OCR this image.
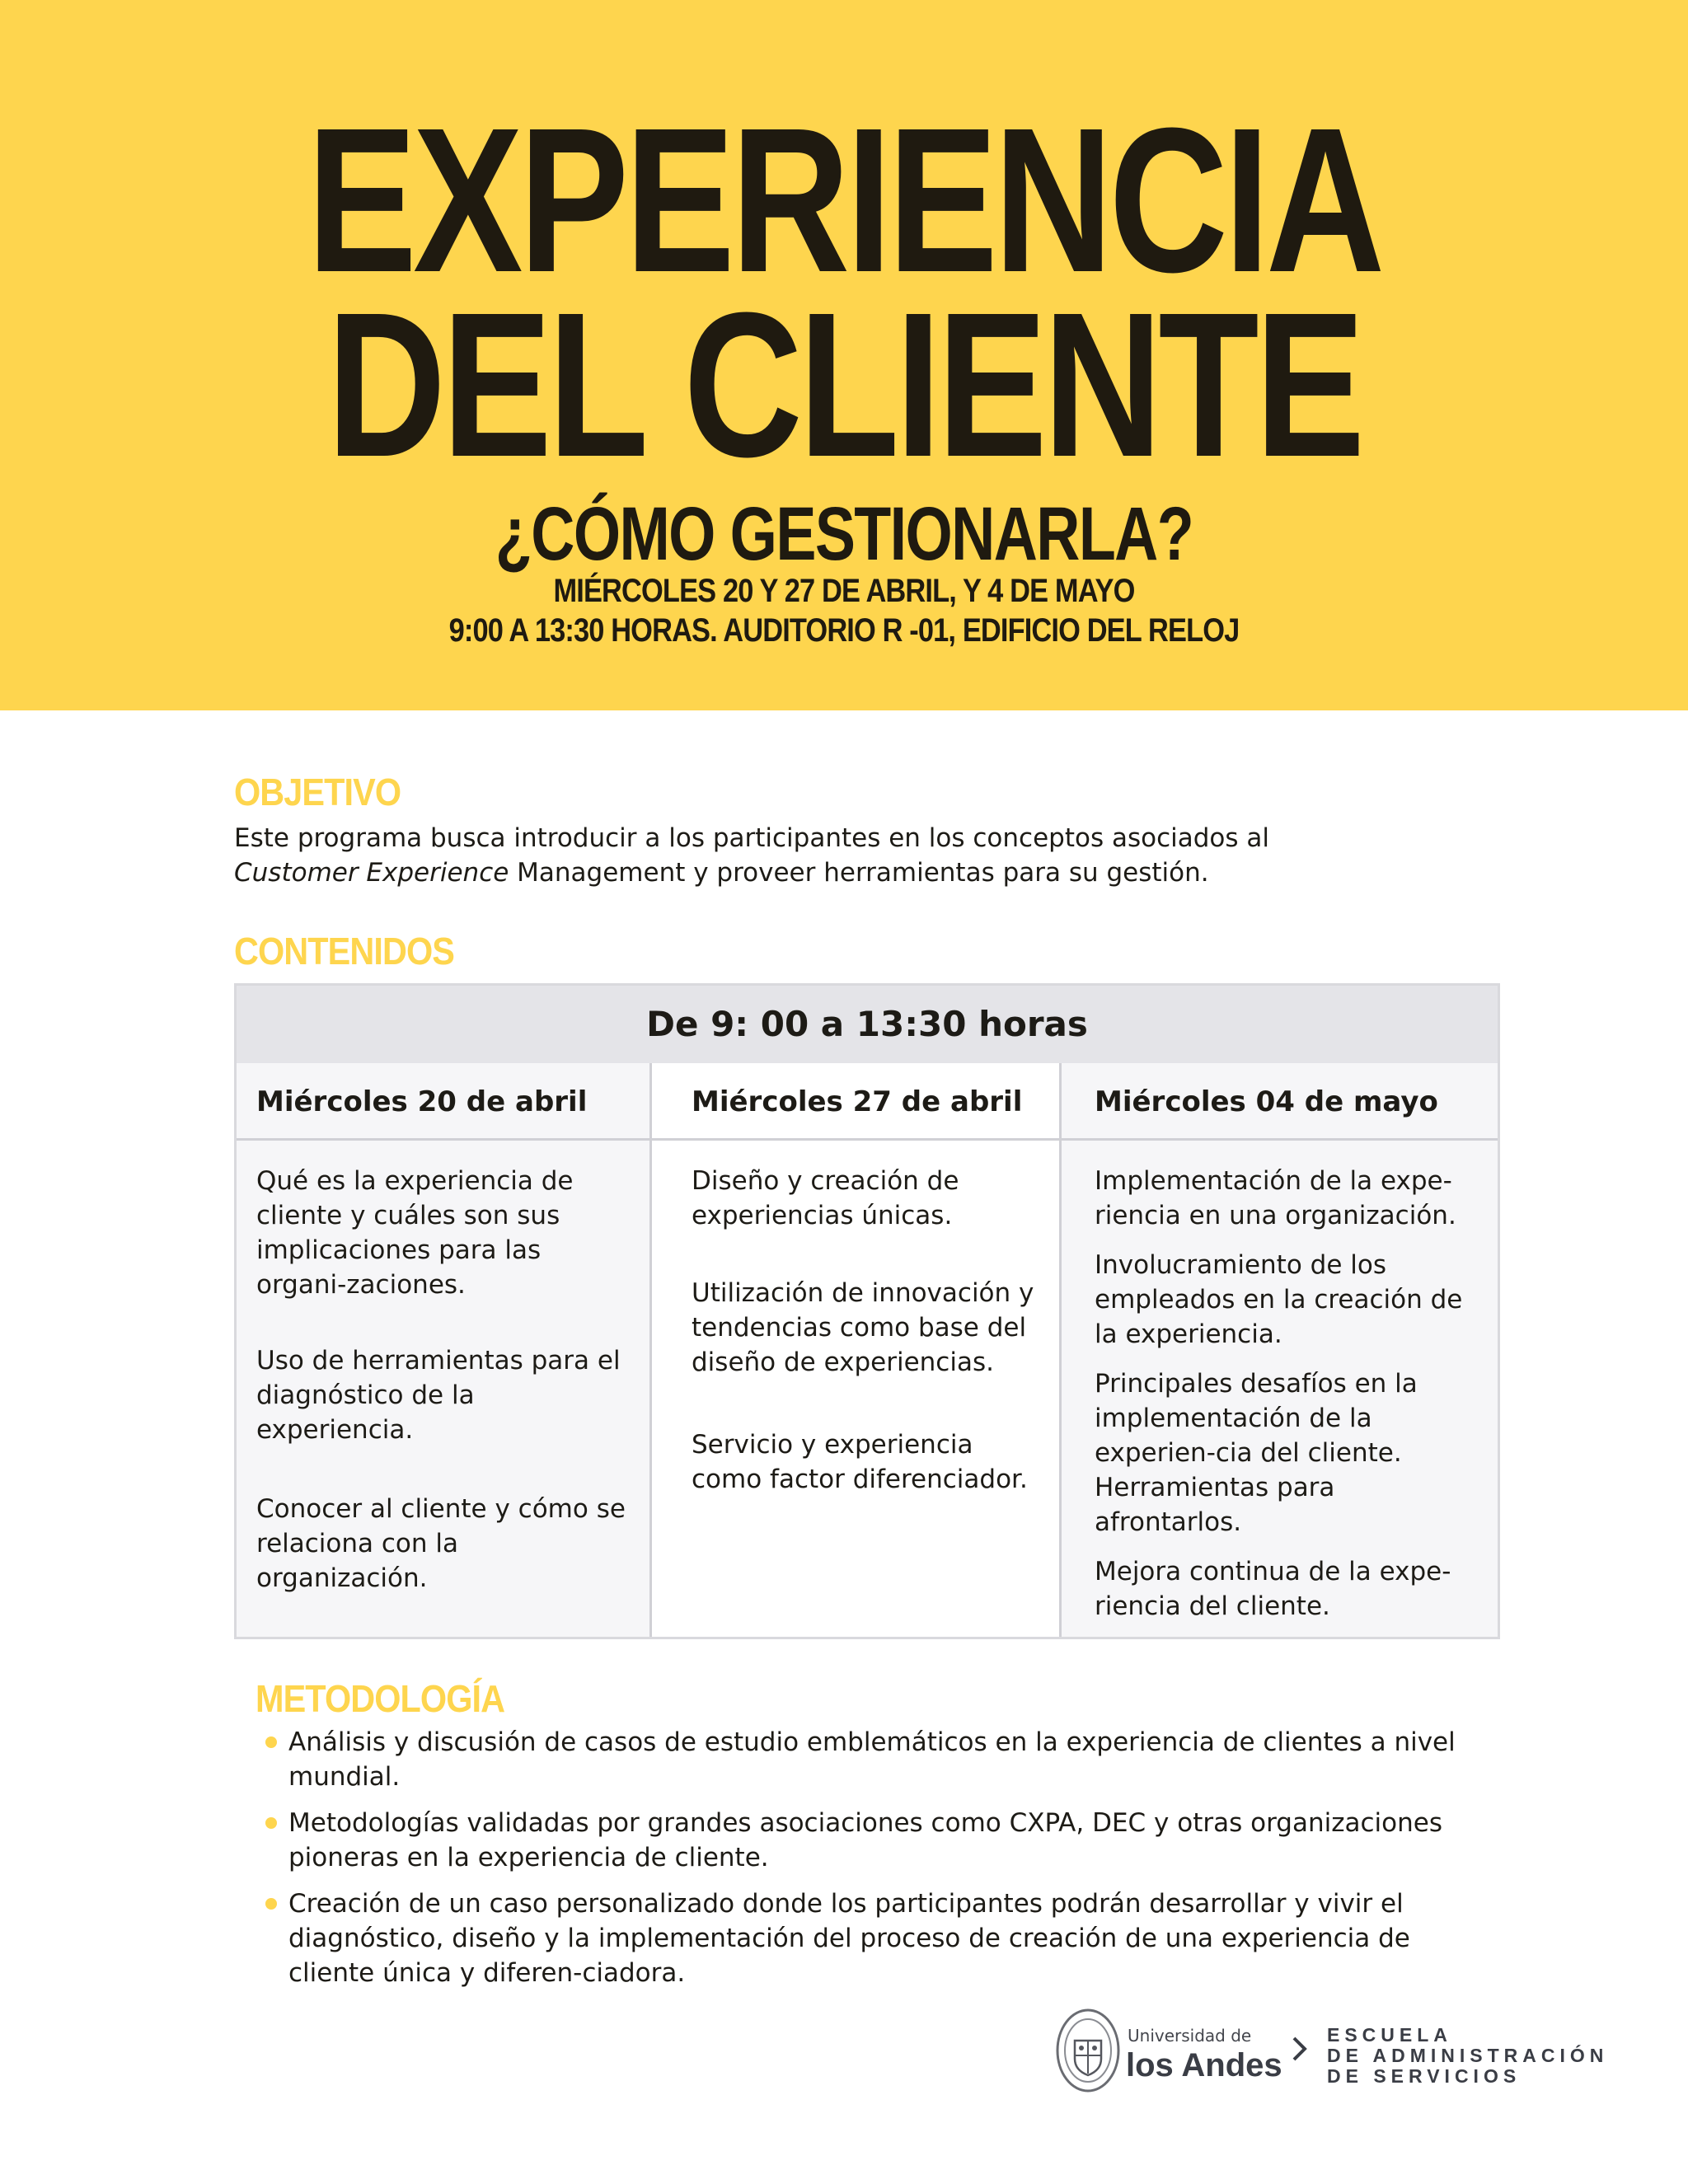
EXPERIENCIA
DEL CLIENTE
¿CÓMO GESTIONARLA?
MIÉRCOLES 20 Y 27 DE ABRIL, Y 4 DE MAYO
9:00 A 13:30 HORAS. AUDITORIO R -01, EDIFICIO DEL RELOJ
OBJETIVO

Este programa busca introducir a los participantes en los conceptos asociados al Customer Experience Management y proveer herramientas para su gestión.

CONTENIDOS
De 9: 00 a 13:30 horas
Miércoles 20 de abril

Qué es la experiencia de cliente y cuáles son sus implicaciones para las organi-zaciones.

Uso de herramientas para el diagnóstico de la experiencia.

Conocer al cliente y cómo se relaciona con la organización.

Miércoles 27 de abril

Diseño y creación de experiencias únicas.

Utilización de innovación y tendencias como base del diseño de experiencias.

Servicio y experiencia como factor diferenciador.

Miércoles 04 de mayo

Implementación de la expe-riencia en una organización.

Involucramiento de los empleados en la creación de la experiencia.

Principales desafíos en la implementación de la experien-cia del cliente. Herramientas para afrontarlos.

Mejora continua de la expe-riencia del cliente.

METODOLOGÍA
Análisis y discusión de casos de estudio emblemáticos en la experiencia de clientes a nivel mundial.
Metodologías validadas por grandes asociaciones como CXPA, DEC y otras organizaciones pioneras en la experiencia de cliente.
Creación de un caso personalizado donde los participantes podrán desarrollar y vivir el diagnóstico, diseño y la implementación del proceso de creación de una experiencia de cliente única y diferen-ciadora.
Universidad de
los Andes
ESCUELA
DE ADMINISTRACIÓN
DE SERVICIOS
